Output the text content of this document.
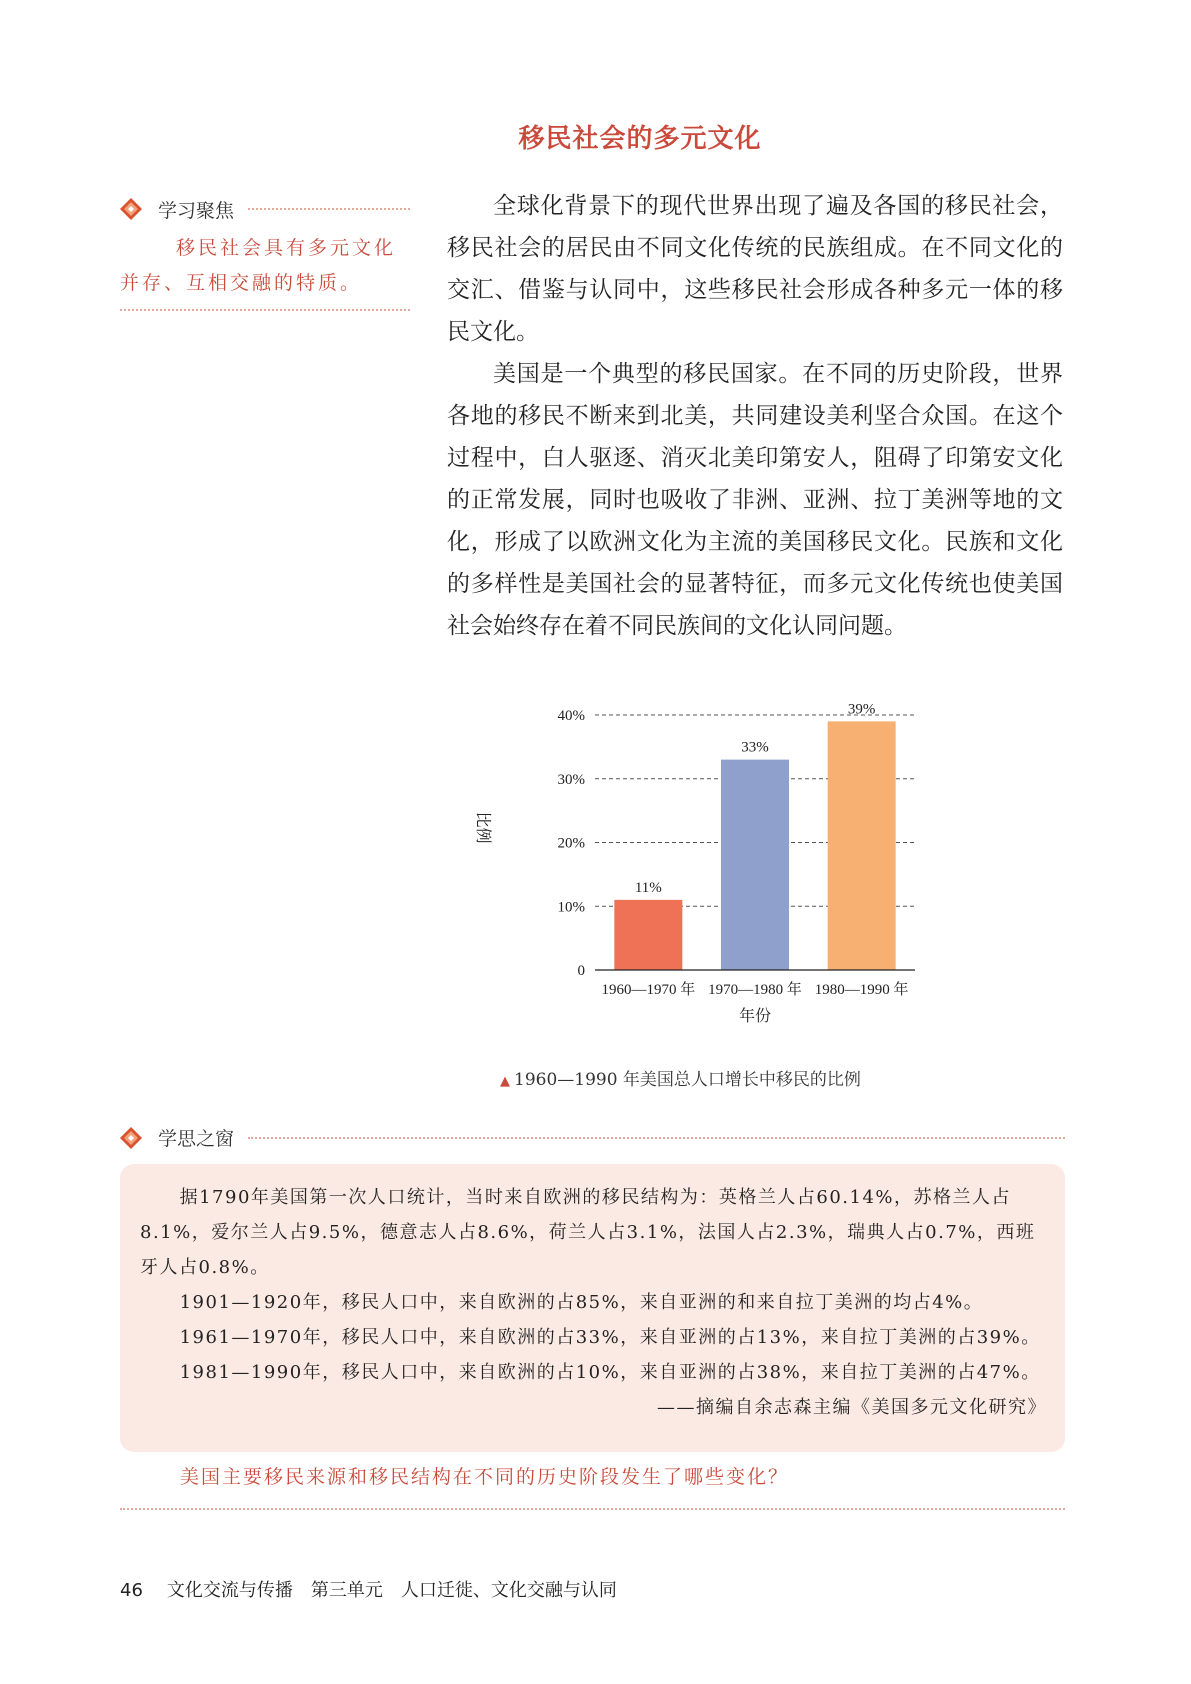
移民社会的多元文化
学习聚焦
移民社会具有多元文化并存、互相交融的特质。

全球化背景下的现代世界出现了遍及各国的移民社会，移民社会的居民由不同文化传统的民族组成。在不同文化的交汇、借鉴与认同中，这些移民社会形成各种多元一体的移民文化。

美国是一个典型的移民国家。在不同的历史阶段，世界各地的移民不断来到北美，共同建设美利坚合众国。在这个过程中，白人驱逐、消灭北美印第安人，阻碍了印第安文化的正常发展，同时也吸收了非洲、亚洲、拉丁美洲等地的文化，形成了以欧洲文化为主流的美国移民文化。民族和文化的多样性是美国社会的显著特征，而多元文化传统也使美国社会始终存在着不同民族间的文化认同问题。

0
10%
20%
30%
40%
11%
1960—1970 年
33%
1970—1980 年
39%
1980—1990 年
年份
比例
▲ 1960—1990 年美国总人口增长中移民的比例
学思之窗

据1790年美国第一次人口统计，当时来自欧洲的移民结构为：英格兰人占60.14%，苏格兰人占8.1%，爱尔兰人占9.5%，德意志人占8.6%，荷兰人占3.1%，法国人占2.3%，瑞典人占0.7%，西班牙人占0.8%。

1901—1920年，移民人口中，来自欧洲的占85%，来自亚洲的和来自拉丁美洲的均占4%。

1961—1970年，移民人口中，来自欧洲的占33%，来自亚洲的占13%，来自拉丁美洲的占39%。

1981—1990年，移民人口中，来自欧洲的占10%，来自亚洲的占38%，来自拉丁美洲的占47%。

——摘编自余志森主编《美国多元文化研究》

美国主要移民来源和移民结构在不同的历史阶段发生了哪些变化？
46 文化交流与传播 第三单元 人口迁徙、文化交融与认同
